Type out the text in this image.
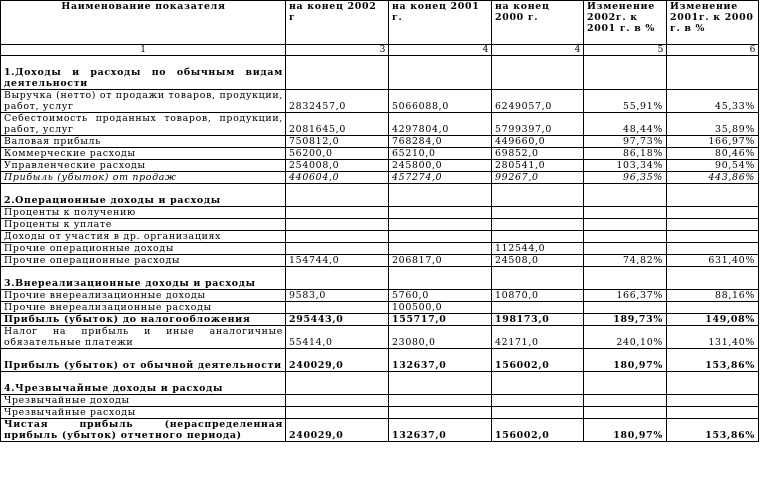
Наименование показателя	на конец 2002 г	на конец 2001 г.	на конец 2000 г.	Изменение 2002г. к 2001 г. в %	Изменение 2001г. к 2000 г. в %
1	3	4	4	5	6
1.Доходы и расходы по обычным видам деятельности					
Выручка (нетто) от продажи товаров, продукции, работ, услуг	2832457,0	5066088,0	6249057,0	55,91%	45,33%
Себестоимость проданных товаров, продукции, работ, услуг	2081645,0	4297804,0	5799397,0	48,44%	35,89%
Валовая прибыль	750812,0	768284,0	449660,0	97,73%	166,97%
Коммерческие расходы	56200,0	65210,0	69852,0	86,18%	80,46%
Управленческие расходы	254008,0	245800,0	280541,0	103,34%	90,54%
Прибыль (убыток) от продаж	440604,0	457274,0	99267,0	96,35%	443,86%
2.Операционные доходы и расходы					
Проценты к получению					
Проценты к уплате					
Доходы от участия в др. организациях					
Прочие операционные доходы			112544,0		
Прочие операционные расходы	154744,0	206817,0	24508,0	74,82%	631,40%
3.Внереализационные доходы и расходы					
Прочие внереализационные доходы	9583,0	5760,0	10870,0	166,37%	88,16%
Прочие внереализационные расходы		100500,0			
Прибыль (убыток) до налогообложения	295443,0	155717,0	198173,0	189,73%	149,08%
Налог на прибыль и иные аналогичные обязательные платежи	55414,0	23080,0	42171,0	240,10%	131,40%
Прибыль (убыток) от обычной деятельности	240029,0	132637,0	156002,0	180,97%	153,86%
4.Чрезвычайные доходы и расходы					
Чрезвычайные доходы					
Чрезвычайные расходы					
Чистая прибыль (нераспределенная прибыль (убыток) отчетного периода)	240029,0	132637,0	156002,0	180,97%	153,86%
